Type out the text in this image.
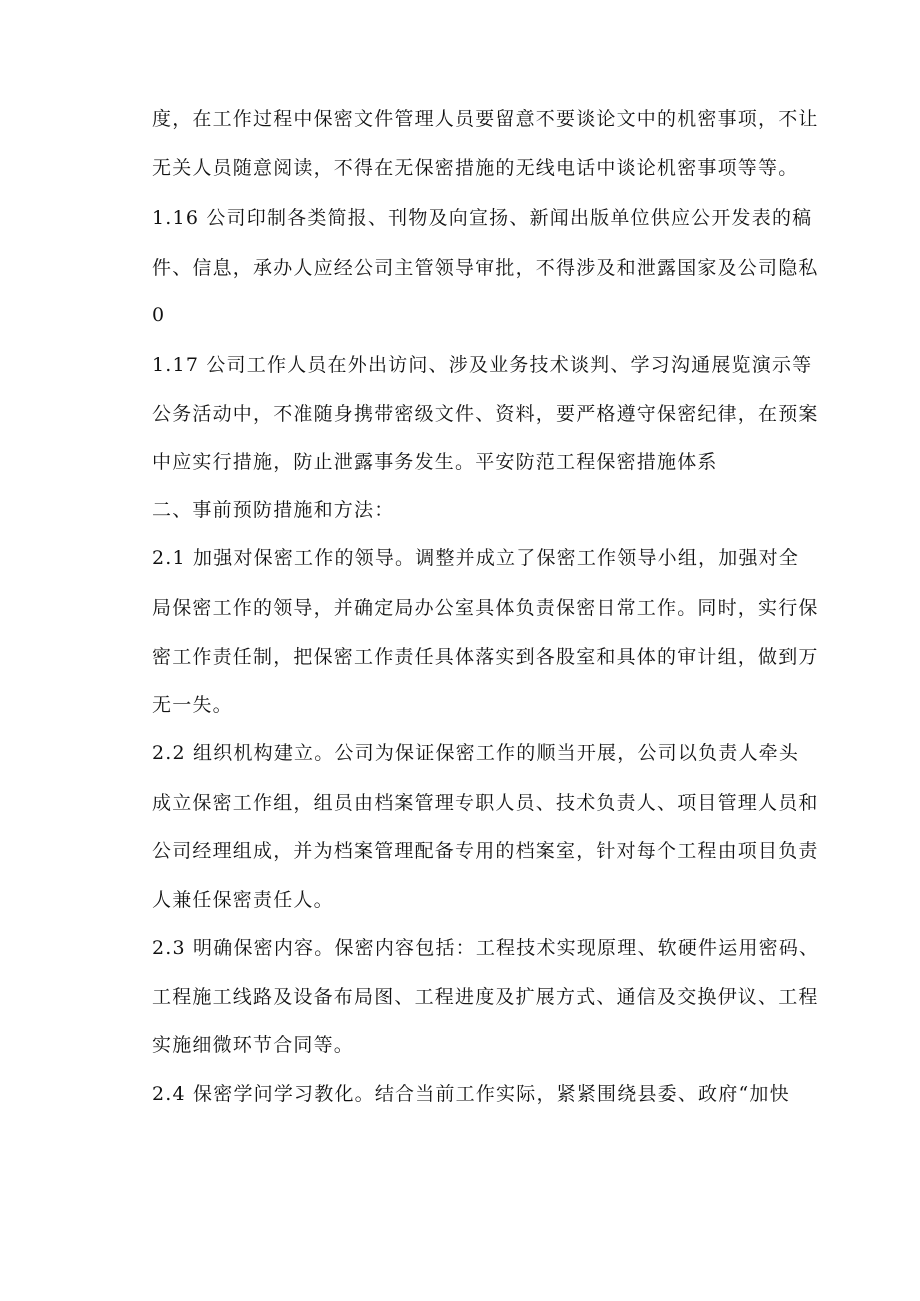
度，在工作过程中保密文件管理人员要留意不要谈论文中的机密事项，不让
无关人员随意阅读，不得在无保密措施的无线电话中谈论机密事项等等。
1.16 公司印制各类简报、刊物及向宣扬、新闻出版单位供应公开发表的稿
件、信息，承办人应经公司主管领导审批，不得涉及和泄露国家及公司隐私
0
1.17 公司工作人员在外出访问、涉及业务技术谈判、学习沟通展览演示等
公务活动中，不准随身携带密级文件、资料，要严格遵守保密纪律，在预案
中应实行措施，防止泄露事务发生。平安防范工程保密措施体系
二、事前预防措施和方法：
2.1 加强对保密工作的领导。调整并成立了保密工作领导小组，加强对全
局保密工作的领导，并确定局办公室具体负责保密日常工作。同时，实行保
密工作责任制，把保密工作责任具体落实到各股室和具体的审计组，做到万
无一失。
2.2 组织机构建立。公司为保证保密工作的顺当开展，公司以负责人牵头
成立保密工作组，组员由档案管理专职人员、技术负责人、项目管理人员和
公司经理组成，并为档案管理配备专用的档案室，针对每个工程由项目负责
人兼任保密责任人。
2.3 明确保密内容。保密内容包括：工程技术实现原理、软硬件运用密码、
工程施工线路及设备布局图、工程进度及扩展方式、通信及交换伊议、工程
实施细微环节合同等。
2.4 保密学问学习教化。结合当前工作实际，紧紧围绕县委、政府“加快
